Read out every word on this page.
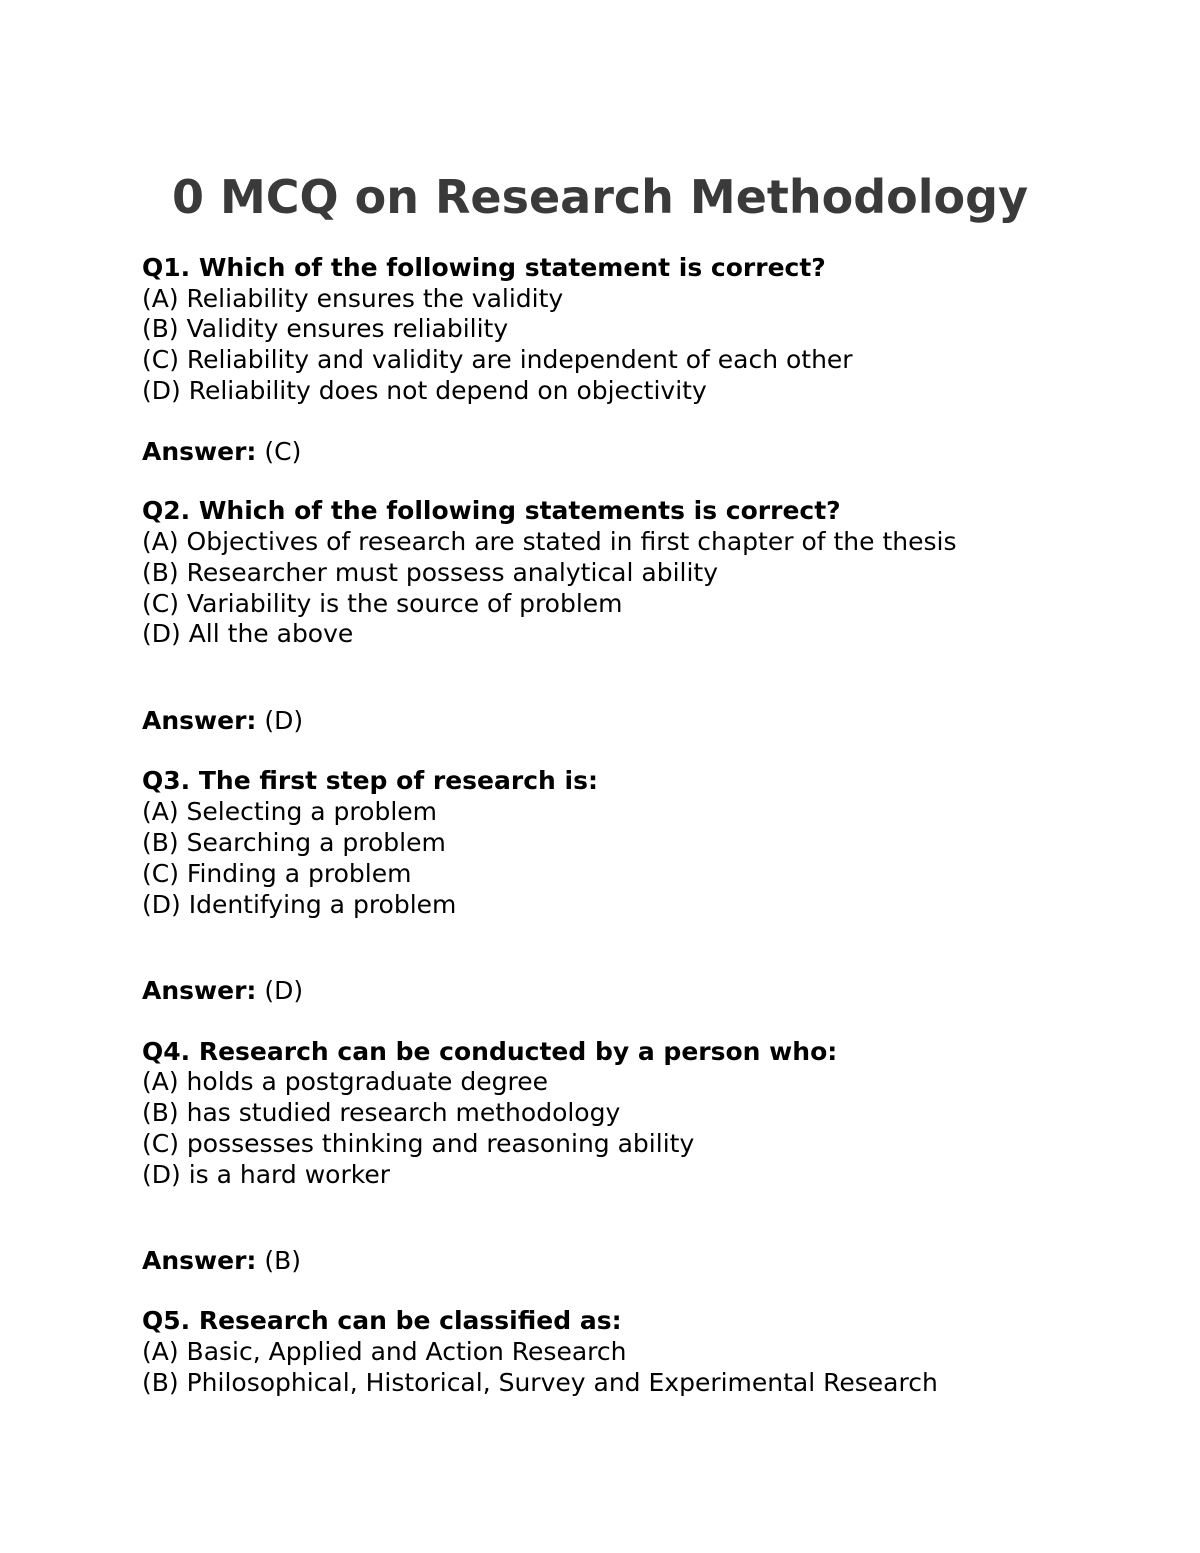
0 MCQ on Research Methodology
Q1. Which of the following statement is correct?
(A) Reliability ensures the validity
(B) Validity ensures reliability
(C) Reliability and validity are independent of each other
(D) Reliability does not depend on objectivity
Answer: (C)
Q2. Which of the following statements is correct?
(A) Objectives of research are stated in first chapter of the thesis
(B) Researcher must possess analytical ability
(C) Variability is the source of problem
(D) All the above
Answer: (D)
Q3. The first step of research is:
(A) Selecting a problem
(B) Searching a problem
(C) Finding a problem
(D) Identifying a problem
Answer: (D)
Q4. Research can be conducted by a person who:
(A) holds a postgraduate degree
(B) has studied research methodology
(C) possesses thinking and reasoning ability
(D) is a hard worker
Answer: (B)
Q5. Research can be classified as:
(A) Basic, Applied and Action Research
(B) Philosophical, Historical, Survey and Experimental Research
